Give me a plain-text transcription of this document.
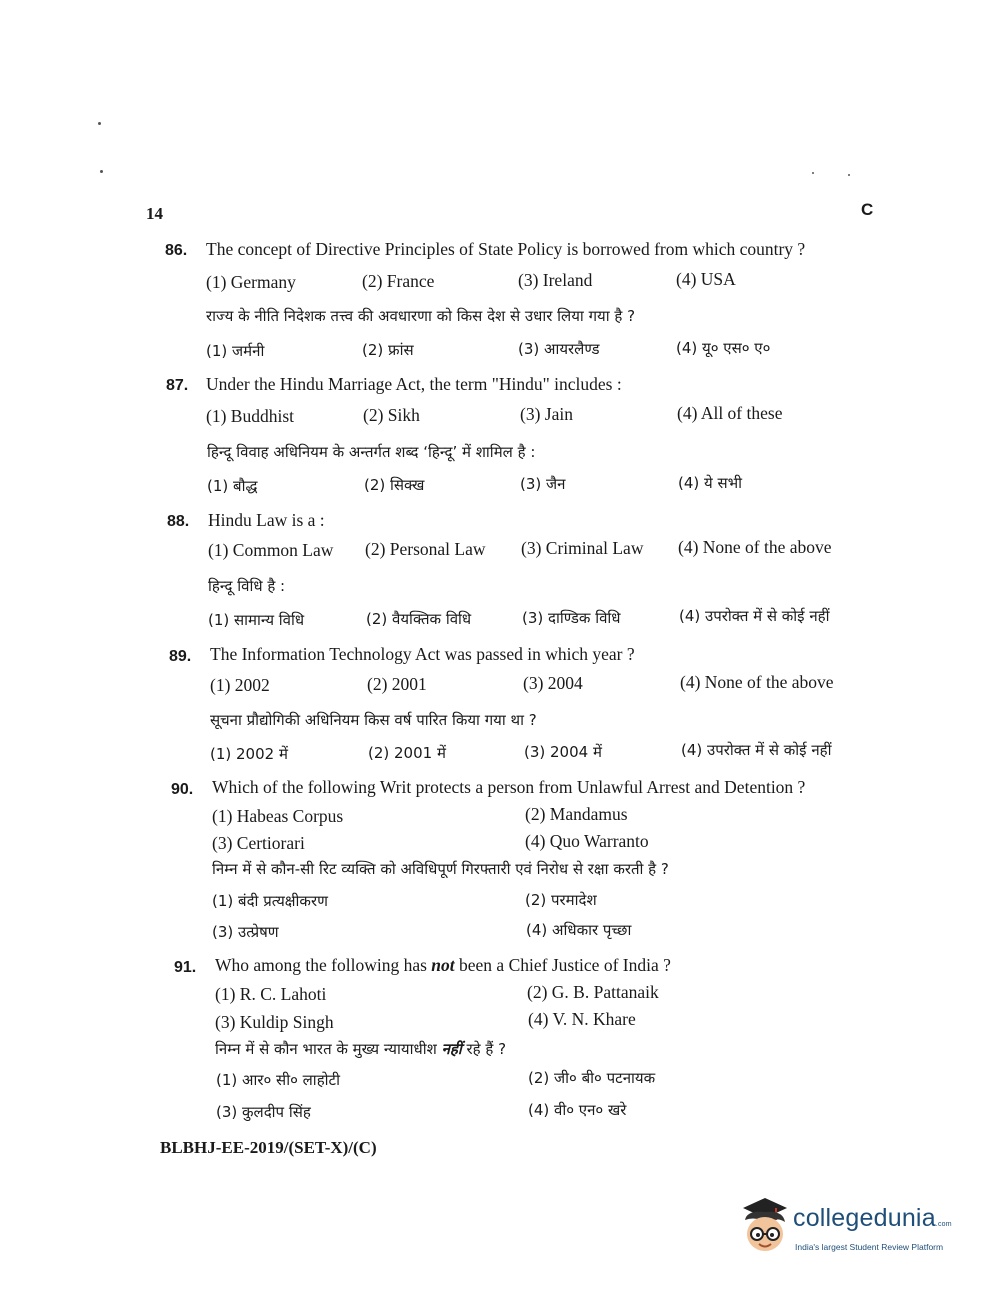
14	C
86. The concept of Directive Principles of State Policy is borrowed from which country ?
(1) Germany	(2) France	(3) Ireland	(4) USA
राज्य के नीति निदेशक तत्त्व की अवधारणा को किस देश से उधार लिया गया है ?
(1) जर्मनी	(2) फ्रांस	(3) आयरलैण्ड	(4) यू० एस० ए०
87. Under the Hindu Marriage Act, the term "Hindu" includes :
(1) Buddhist	(2) Sikh	(3) Jain	(4) All of these
हिन्दू विवाह अधिनियम के अन्तर्गत शब्द ‘हिन्दू’ में शामिल है :
(1) बौद्ध	(2) सिक्ख	(3) जैन	(4) ये सभी
88. Hindu Law is a :
(1) Common Law (2) Personal Law (3) Criminal Law (4) None of the above
हिन्दू विधि है :
(1) सामान्य विधि	(2) वैयक्तिक विधि	(3) दाण्डिक विधि	(4) उपरोक्त में से कोई नहीं
89. The Information Technology Act was passed in which year ?
(1) 2002	(2) 2001	(3) 2004	(4) None of the above
सूचना प्रौद्योगिकी अधिनियम किस वर्ष पारित किया गया था ?
(1) 2002 में	(2) 2001 में	(3) 2004 में	(4) उपरोक्त में से कोई नहीं
90. Which of the following Writ protects a person from Unlawful Arrest and Detention ?
(1) Habeas Corpus	(2) Mandamus
(3) Certiorari	(4) Quo Warranto
निम्न में से कौन-सी रिट व्यक्ति को अविधिपूर्ण गिरफ्तारी एवं निरोध से रक्षा करती है ?
(1) बंदी प्रत्यक्षीकरण	(2) परमादेश
(3) उत्प्रेषण	(4) अधिकार पृच्छा
91. Who among the following has not been a Chief Justice of India ?
(1) R. C. Lahoti	(2) G. B. Pattanaik
(3) Kuldip Singh	(4) V. N. Khare
निम्न में से कौन भारत के मुख्य न्यायाधीश नहीं रहे हैं ?
(1) आर० सी० लाहोटी	(2) जी० बी० पटनायक
(3) कुलदीप सिंह	(4) वी० एन० खरे
BLBHJ-EE-2019/(SET-X)/(C)
collegedunia.com
India's largest Student Review Platform
